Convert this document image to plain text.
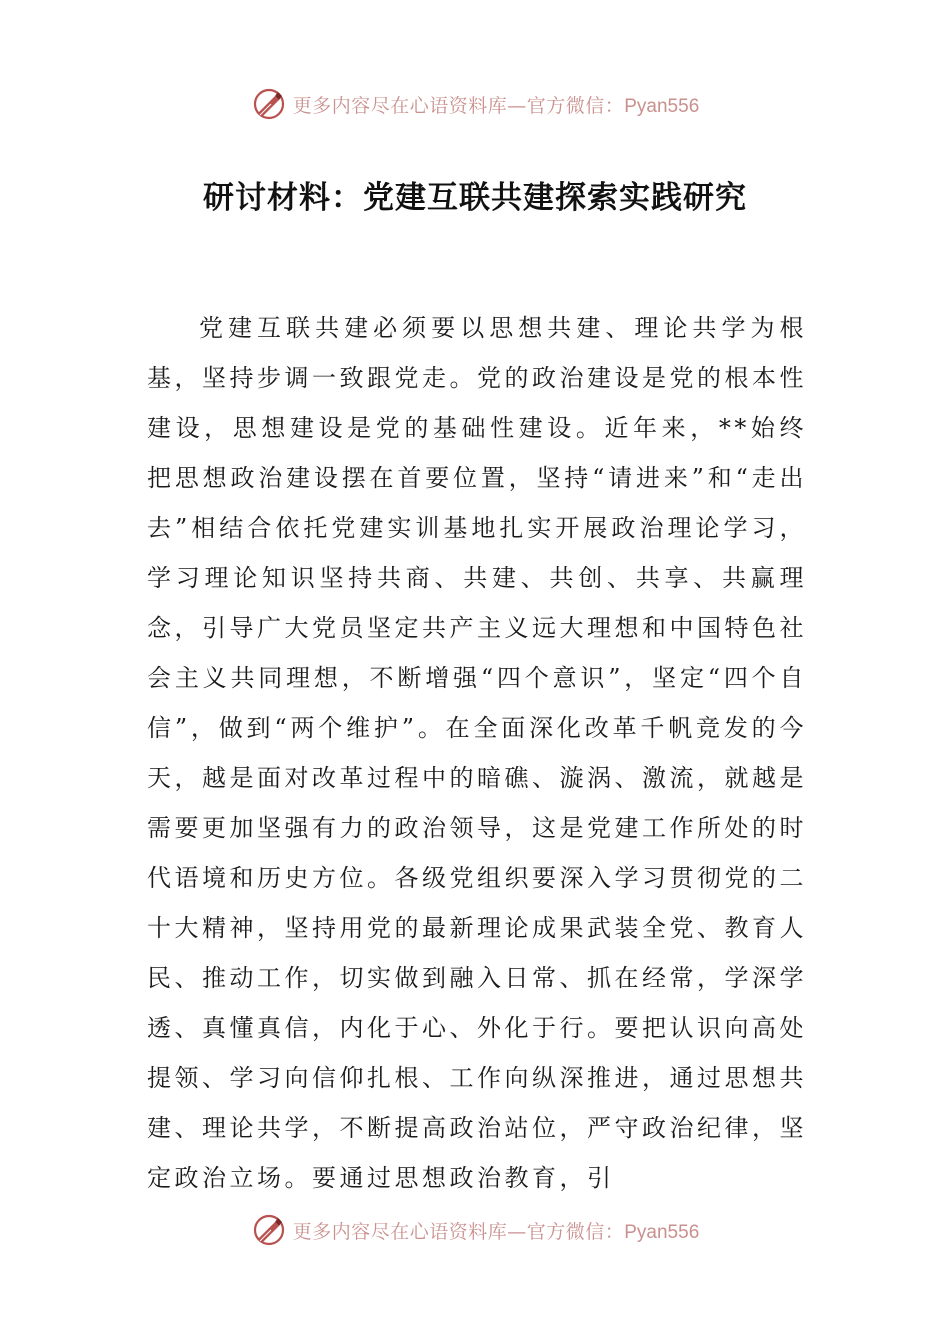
更多内容尽在心语资料库—官方微信：Pyan556
研讨材料：党建互联共建探索实践研究

党建互联共建必须要以思想共建、理论共学为根基，坚持步调一致跟党走。党的政治建设是党的根本性建设，思想建设是党的基础性建设。近年来，**始终把思想政治建设摆在首要位置，坚持“请进来”和“走出去”相结合依托党建实训基地扎实开展政治理论学习，学习理论知识坚持共商、共建、共创、共享、共赢理念，引导广大党员坚定共产主义远大理想和中国特色社会主义共同理想，不断增强“四个意识”，坚定“四个自信”，做到“两个维护”。在全面深化改革千帆竞发的今天，越是面对改革过程中的暗礁、漩涡、激流，就越是需要更加坚强有力的政治领导，这是党建工作所处的时代语境和历史方位。各级党组织要深入学习贯彻党的二十大精神，坚持用党的最新理论成果武装全党、教育人民、推动工作，切实做到融入日常、抓在经常，学深学透、真懂真信，内化于心、外化于行。要把认识向高处提领、学习向信仰扎根、工作向纵深推进，通过思想共建、理论共学，不断提高政治站位，严守政治纪律，坚定政治立场。要通过思想政治教育，引

更多内容尽在心语资料库—官方微信：Pyan556
